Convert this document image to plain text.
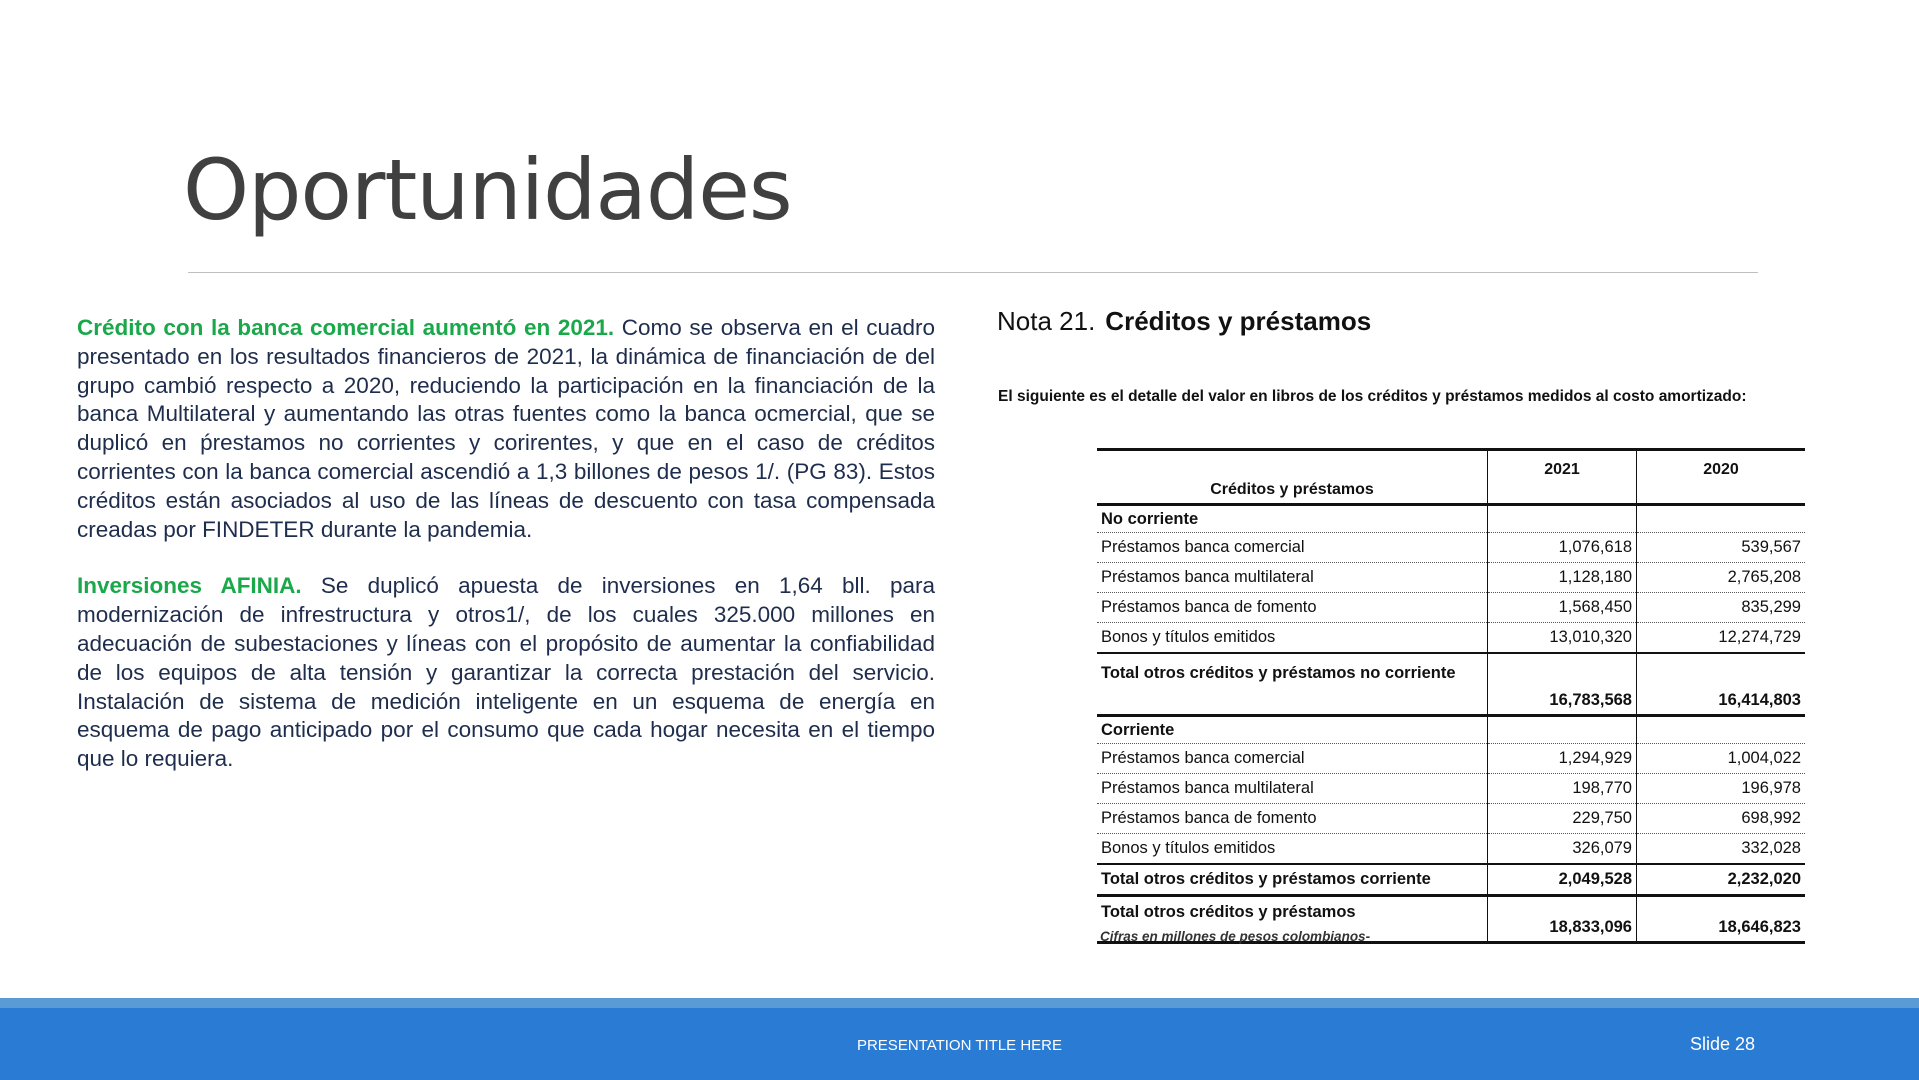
Oportunidades

Crédito con la banca comercial aumentó en 2021. Como se observa en el cuadro presentado en los resultados financieros de 2021, la dinámica de financiación de del grupo cambió respecto a 2020, reduciendo la participación en la financiación de la banca Multilateral y aumentando las otras fuentes como la banca ocmercial, que se duplicó en ṕrestamos no corrientes y corirentes, y que en el caso de créditos corrientes con la banca comercial ascendió a 1,3 billones de pesos 1/. (PG 83). Estos créditos están asociados al uso de las líneas de descuento con tasa compensada creadas por FINDETER durante la pandemia.

Inversiones AFINIA. Se duplicó apuesta de inversiones en 1,64 bll. para modernización de infrestructura y otros1/, de los cuales 325.000 millones en adecuación de subestaciones y líneas con el propósito de aumentar la confiabilidad de los equipos de alta tensión y garantizar la correcta prestación del servicio. Instalación de sistema de medición inteligente en un esquema de energía en esquema de pago anticipado por el consumo que cada hogar necesita en el tiempo que lo requiera.

Nota 21. Créditos y préstamos
El siguiente es el detalle del valor en libros de los créditos y préstamos medidos al costo amortizado:
Créditos y préstamos	2021	2020
No corriente		
Préstamos banca comercial	1,076,618	539,567
Préstamos banca multilateral	1,128,180	2,765,208
Préstamos banca de fomento	1,568,450	835,299
Bonos y títulos emitidos	13,010,320	12,274,729
Total otros créditos y préstamos no corriente	16,783,568	16,414,803
Corriente		
Préstamos banca comercial	1,294,929	1,004,022
Préstamos banca multilateral	198,770	196,978
Préstamos banca de fomento	229,750	698,992
Bonos y títulos emitidos	326,079	332,028
Total otros créditos y préstamos corriente	2,049,528	2,232,020
Total otros créditos y préstamos	18,833,096	18,646,823
Cifras en millones de pesos colombianos-
PRESENTATION TITLE HERE	Slide 28
